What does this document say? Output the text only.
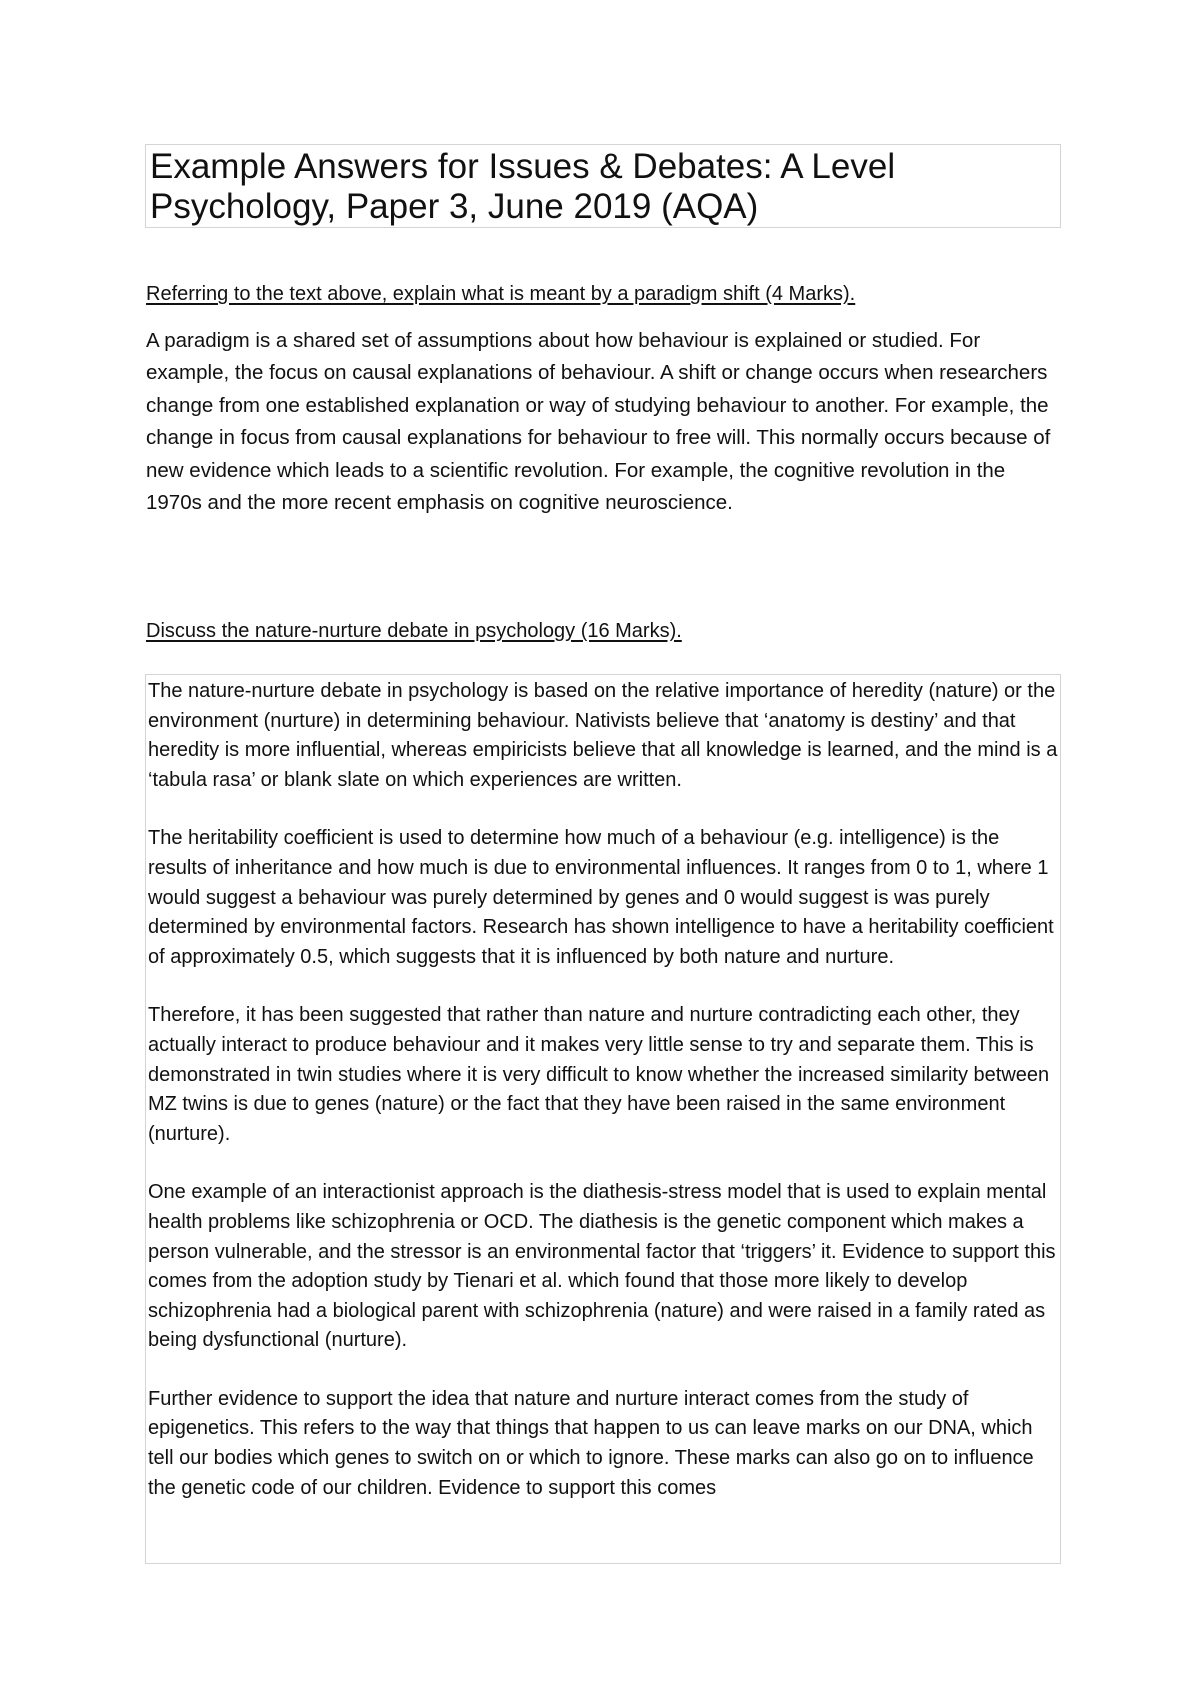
Example Answers for Issues & Debates: A Level Psychology, Paper 3, June 2019 (AQA)
Referring to the text above, explain what is meant by a paradigm shift (4 Marks).

A paradigm is a shared set of assumptions about how behaviour is explained or studied. For example, the focus on causal explanations of behaviour. A shift or change occurs when researchers change from one established explanation or way of studying behaviour to another. For example, the change in focus from causal explanations for behaviour to free will. This normally occurs because of new evidence which leads to a scientific revolution. For example, the cognitive revolution in the 1970s and the more recent emphasis on cognitive neuroscience.

Discuss the nature-nurture debate in psychology (16 Marks).

The nature-nurture debate in psychology is based on the relative importance of heredity (nature) or the environment (nurture) in determining behaviour. Nativists believe that ‘anatomy is destiny’ and that heredity is more influential, whereas empiricists believe that all knowledge is learned, and the mind is a ‘tabula rasa’ or blank slate on which experiences are written.

The heritability coefficient is used to determine how much of a behaviour (e.g. intelligence) is the results of inheritance and how much is due to environmental influences. It ranges from 0 to 1, where 1 would suggest a behaviour was purely determined by genes and 0 would suggest is was purely determined by environmental factors. Research has shown intelligence to have a heritability coefficient of approximately 0.5, which suggests that it is influenced by both nature and nurture.

Therefore, it has been suggested that rather than nature and nurture contradicting each other, they actually interact to produce behaviour and it makes very little sense to try and separate them. This is demonstrated in twin studies where it is very difficult to know whether the increased similarity between MZ twins is due to genes (nature) or the fact that they have been raised in the same environment (nurture).

One example of an interactionist approach is the diathesis-stress model that is used to explain mental health problems like schizophrenia or OCD. The diathesis is the genetic component which makes a person vulnerable, and the stressor is an environmental factor that ‘triggers’ it. Evidence to support this comes from the adoption study by Tienari et al. which found that those more likely to develop schizophrenia had a biological parent with schizophrenia (nature) and were raised in a family rated as being dysfunctional (nurture).

Further evidence to support the idea that nature and nurture interact comes from the study of epigenetics. This refers to the way that things that happen to us can leave marks on our DNA, which tell our bodies which genes to switch on or which to ignore. These marks can also go on to influence the genetic code of our children. Evidence to support this comes
